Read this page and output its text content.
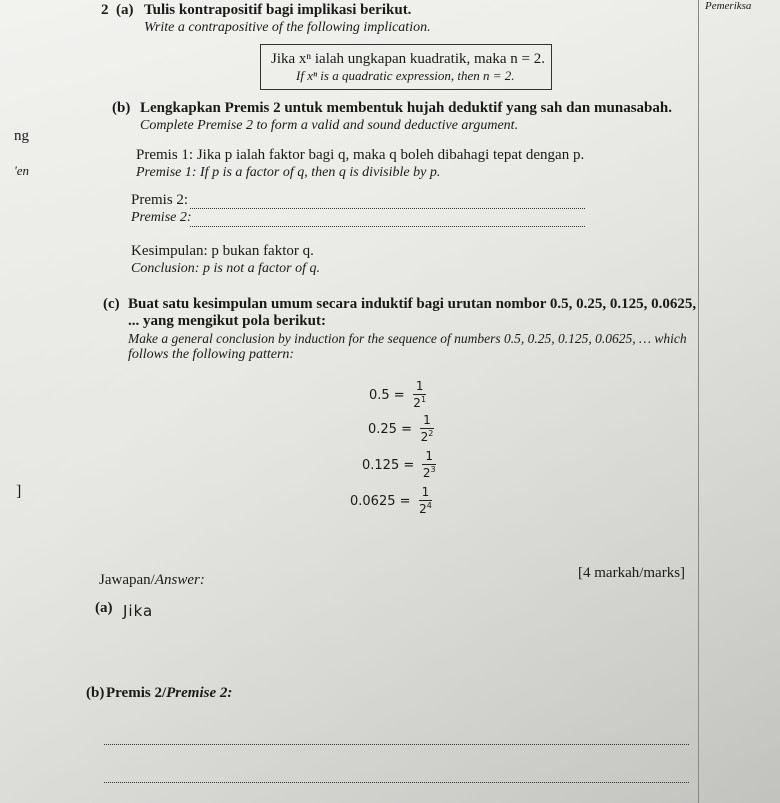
Pemeriksa
ng
'en
]
2 (a) Tulis kontrapositif bagi implikasi berikut.
Write a contrapositive of the following implication.
Jika xⁿ ialah ungkapan kuadratik, maka n = 2.
If xⁿ is a quadratic expression, then n = 2.
(b) Lengkapkan Premis 2 untuk membentuk hujah deduktif yang sah dan munasabah.
Complete Premise 2 to form a valid and sound deductive argument.
Premis 1: Jika p ialah faktor bagi q, maka q boleh dibahagi tepat dengan p.
Premise 1: If p is a factor of q, then q is divisible by p.
Premis 2:
Premise 2:
Kesimpulan: p bukan faktor q.
Conclusion: p is not a factor of q.
(c) Buat satu kesimpulan umum secara induktif bagi urutan nombor 0.5, 0.25, 0.125, 0.0625,
... yang mengikut pola berikut:
Make a general conclusion by induction for the sequence of numbers 0.5, 0.25, 0.125, 0.0625, … which
follows the following pattern:
$0.5 = \frac{1}{2^1}$
$0.25 = \frac{1}{2^2}$
$0.125 = \frac{1}{2^3}$
$0.0625 = \frac{1}{2^4}$
[4 markah/marks]
Jawapan/Answer:
(a) Jika
(b) Premis 2/Premise 2:
